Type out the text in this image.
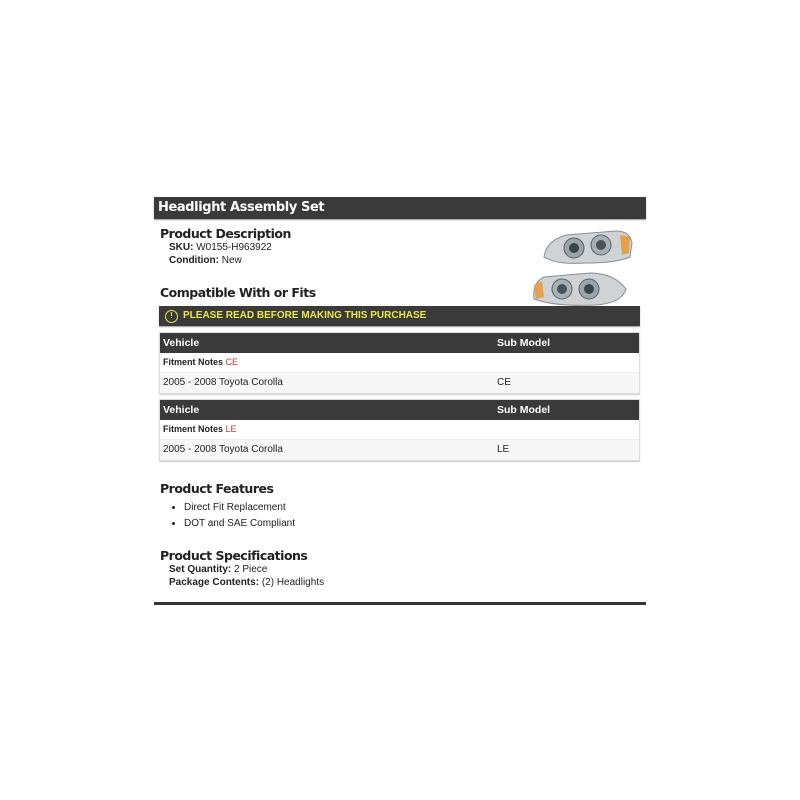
Headlight Assembly Set
Product Description
SKU: W0155-H963922
Condition: New
Compatible With or Fits
!	PLEASE READ BEFORE MAKING THIS PURCHASE
Vehicle	Sub Model
Fitment Notes CE
2005 - 2008 Toyota Corolla	CE
Vehicle	Sub Model
Fitment Notes LE
2005 - 2008 Toyota Corolla	LE
Product Features
• Direct Fit Replacement
• DOT and SAE Compliant
Product Specifications
Set Quantity: 2 Piece
Package Contents: (2) Headlights
